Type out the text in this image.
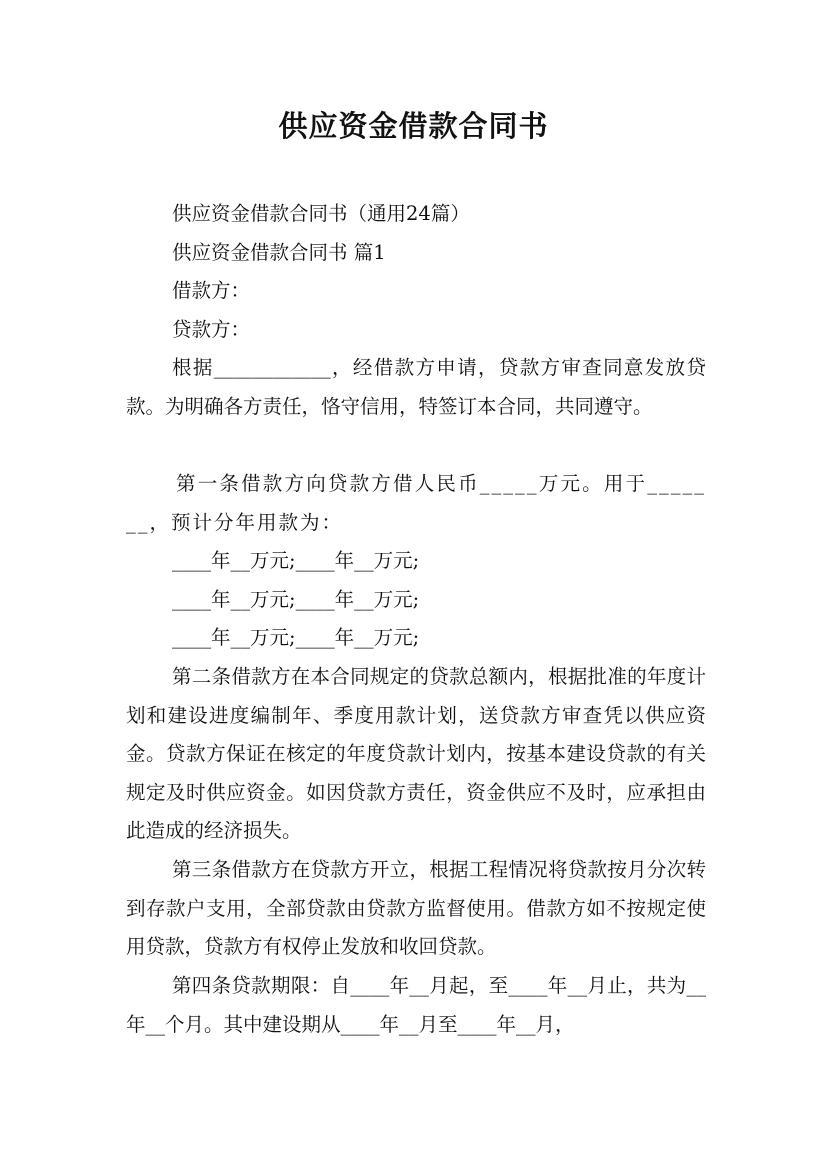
供应资金借款合同书
供应资金借款合同书（通用24篇）
供应资金借款合同书 篇1
借款方：
贷款方：
根据____________，经借款方申请，贷款方审查同意发放贷款。为明确各方责任，恪守信用，特签订本合同，共同遵守。
第一条借款方向贷款方借人民币_____万元。用于_______，预计分年用款为：
____年__万元;____年__万元;
____年__万元;____年__万元;
____年__万元;____年__万元;
第二条借款方在本合同规定的贷款总额内，根据批准的年度计划和建设进度编制年、季度用款计划，送贷款方审查凭以供应资金。贷款方保证在核定的年度贷款计划内，按基本建设贷款的有关规定及时供应资金。如因贷款方责任，资金供应不及时，应承担由此造成的经济损失。
第三条借款方在贷款方开立，根据工程情况将贷款按月分次转到存款户支用，全部贷款由贷款方监督使用。借款方如不按规定使用贷款，贷款方有权停止发放和收回贷款。
第四条贷款期限：自____年__月起，至____年__月止，共为__年__个月。其中建设期从____年__月至____年__月，
